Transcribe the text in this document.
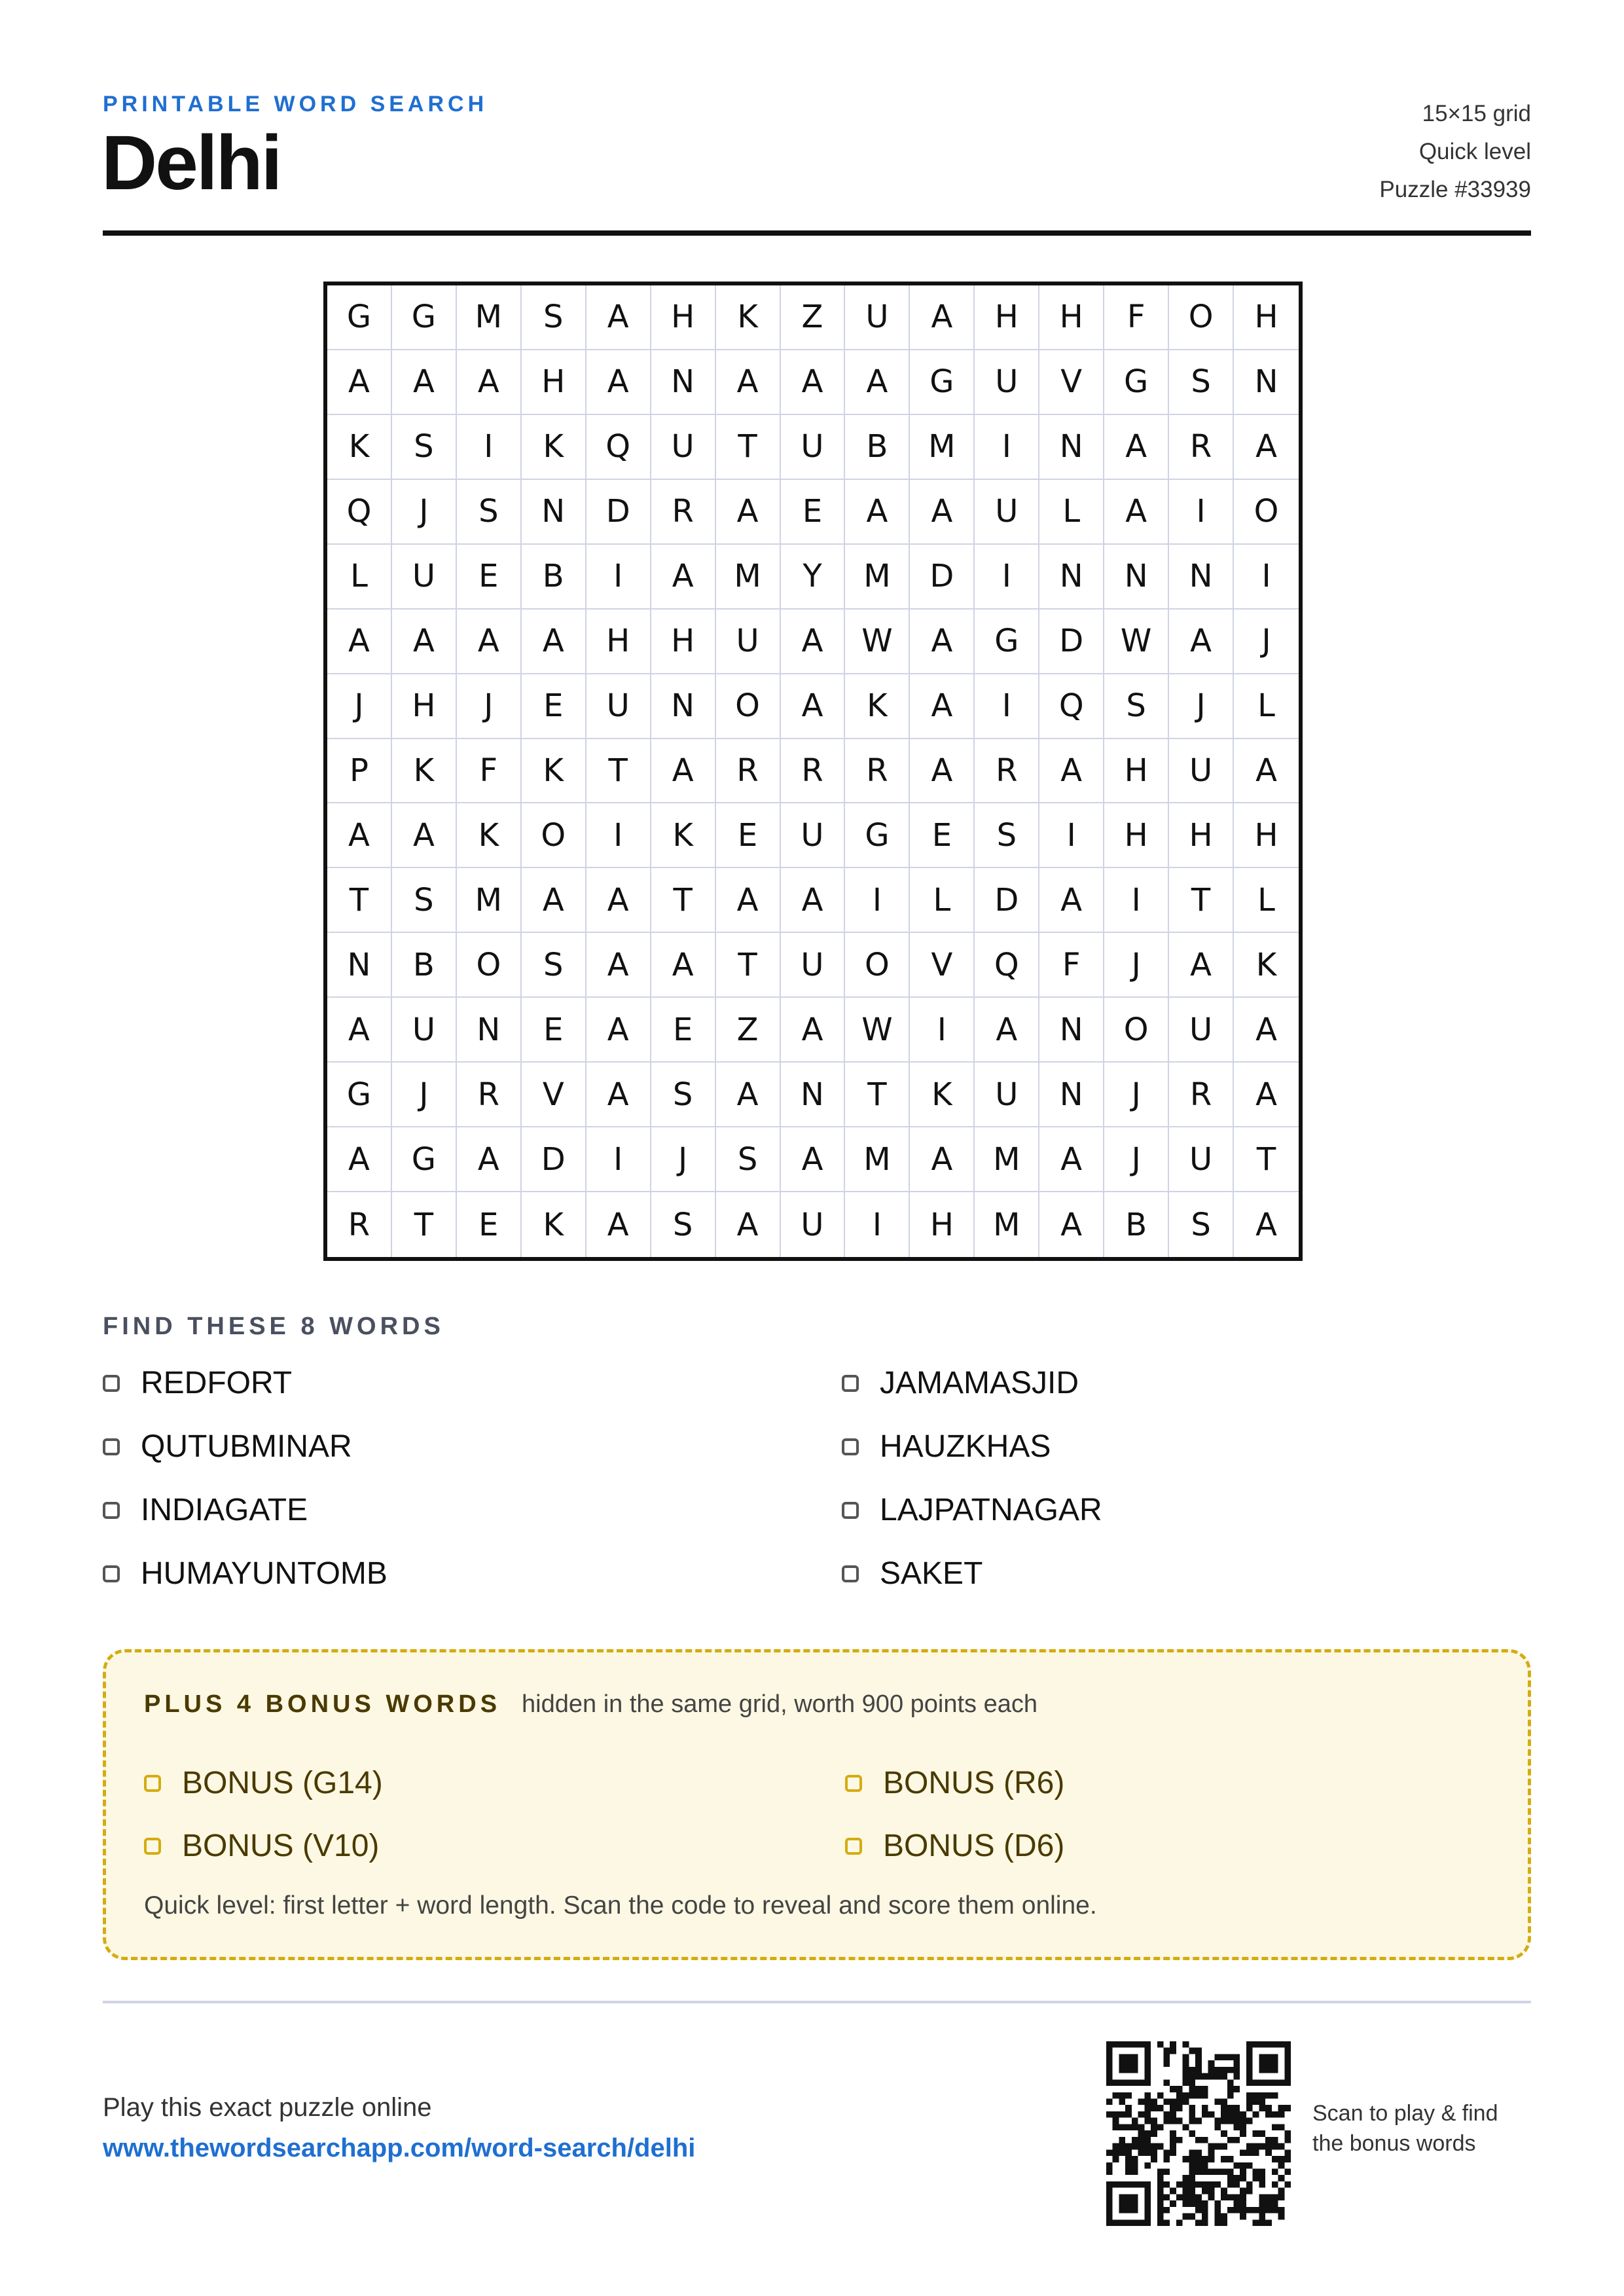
PRINTABLE WORD SEARCH
Delhi
15×15 grid
Quick level
Puzzle #33939
G	G	M	S	A	H	K	Z	U	A	H	H	F	O	H
A	A	A	H	A	N	A	A	A	G	U	V	G	S	N
K	S	I	K	Q	U	T	U	B	M	I	N	A	R	A
Q	J	S	N	D	R	A	E	A	A	U	L	A	I	O
L	U	E	B	I	A	M	Y	M	D	I	N	N	N	I
A	A	A	A	H	H	U	A	W	A	G	D	W	A	J
J	H	J	E	U	N	O	A	K	A	I	Q	S	J	L
P	K	F	K	T	A	R	R	R	A	R	A	H	U	A
A	A	K	O	I	K	E	U	G	E	S	I	H	H	H
T	S	M	A	A	T	A	A	I	L	D	A	I	T	L
N	B	O	S	A	A	T	U	O	V	Q	F	J	A	K
A	U	N	E	A	E	Z	A	W	I	A	N	O	U	A
G	J	R	V	A	S	A	N	T	K	U	N	J	R	A
A	G	A	D	I	J	S	A	M	A	M	A	J	U	T
R	T	E	K	A	S	A	U	I	H	M	A	B	S	A
FIND THESE 8 WORDS
REDFORT	JAMAMASJID
QUTUBMINAR	HAUZKHAS
INDIAGATE	LAJPATNAGAR
HUMAYUNTOMB	SAKET
PLUS 4 BONUS WORDS hidden in the same grid, worth 900 points each
BONUS (G14)	BONUS (R6)
BONUS (V10)	BONUS (D6)
Quick level: first letter + word length. Scan the code to reveal and score them online.
Play this exact puzzle online
www.thewordsearchapp.com/word-search/delhi
Scan to play & find
the bonus words
